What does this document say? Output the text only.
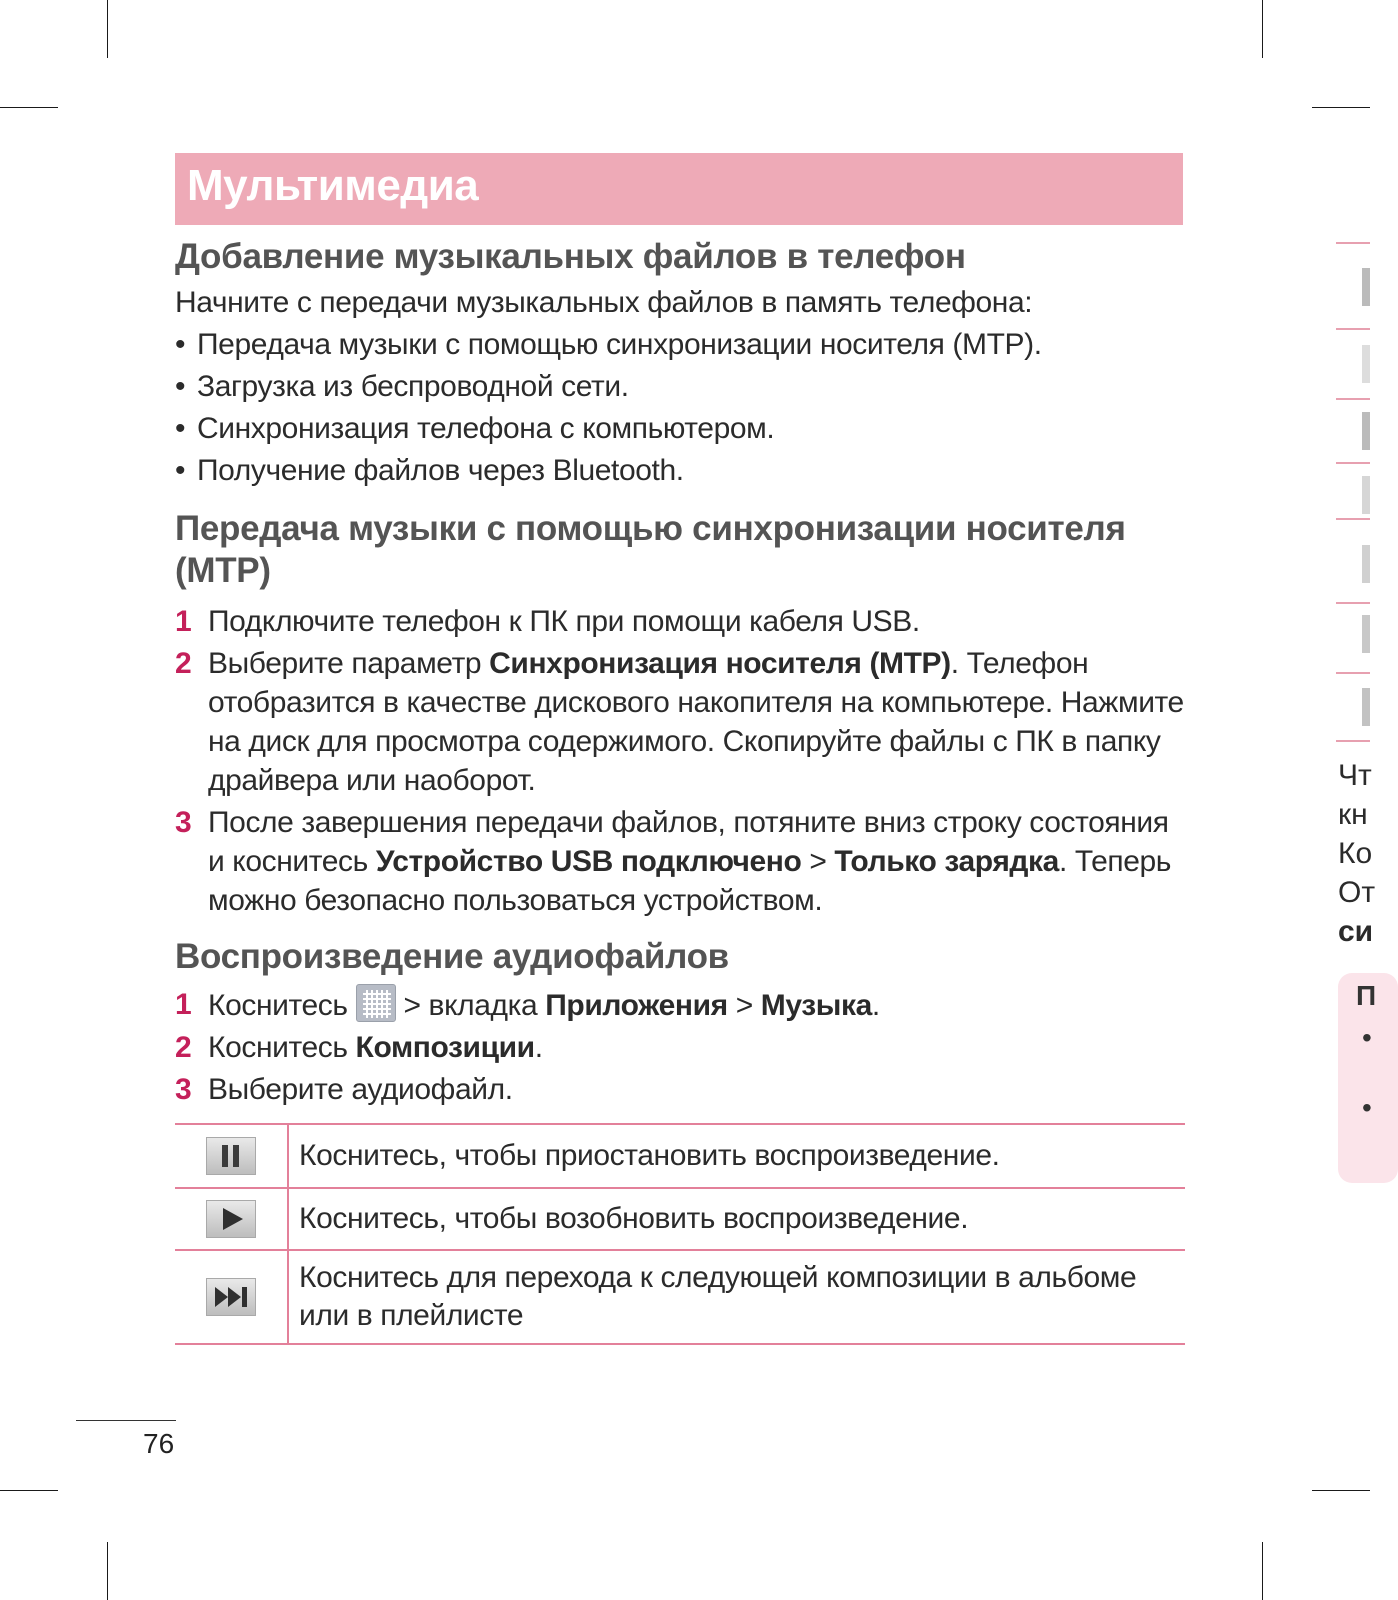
Мультимедиа
Добавление музыкальных файлов в телефон

Начните с передачи музыкальных файлов в память телефона:

• Передача музыки с помощью синхронизации носителя (MTP).
• Загрузка из беспроводной сети.
• Синхронизация телефона с компьютером.
• Получение файлов через Bluetooth.
Передача музыки с помощью синхронизации носителя
(MTP)
1 Подключите телефон к ПК при помощи кабеля USB.
2 Выберите параметр Синхронизация носителя (MTP). Телефон отобразится в качестве дискового накопителя на компьютере. Нажмите на диск для просмотра содержимого. Скопируйте файлы с ПК в папку драйвера или наоборот.
3 После завершения передачи файлов, потяните вниз строку состояния и коснитесь Устройство USB подключено > Только зарядка. Теперь можно безопасно пользоваться устройством.
Воспроизведение аудиофайлов
1 Коснитесь  > вкладка Приложения > Музыка.
2 Коснитесь Композиции.
3 Выберите аудиофайл.
	Коснитесь, чтобы приостановить воспроизведение.
	Коснитесь, чтобы возобновить воспроизведение.

	Коснитесь для перехода к следующей композиции в альбоме или в плейлисте

76

Чт
кн
Ко
От
си
П
•
•
